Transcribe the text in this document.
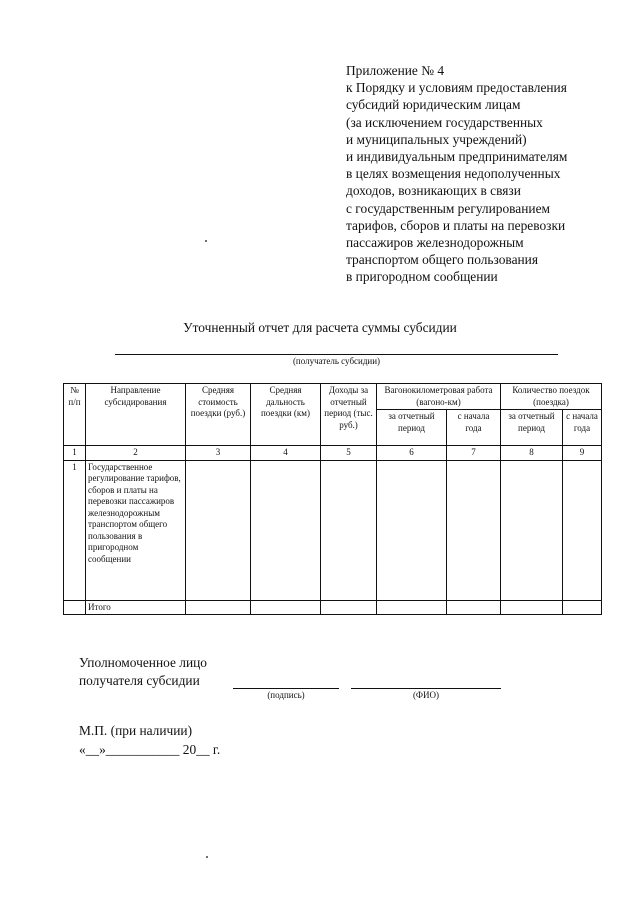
Приложение № 4
к Порядку и условиям предоставления
субсидий юридическим лицам
(за исключением государственных
и муниципальных учреждений)
и индивидуальным предпринимателям
в целях возмещения недополученных
доходов, возникающих в связи
с государственным регулированием
тарифов, сборов и платы на перевозки
пассажиров железнодорожным
транспортом общего пользования
в пригородном сообщении
Уточненный отчет для расчета суммы субсидии
(получатель субсидии)
№ п/п	Направление субсидирования	Средняя стоимость поездки (руб.)	Средняя дальность поездки (км)	Доходы за отчетный период (тыс. руб.)	Вагонокилометровая работа (вагоно-км)		Количество поездок (поездка)	
					за отчетный период	с начала года	за отчетный период	с начала года
1	2	3	4	5	6	7	8	9
1	Государственное регулирование тарифов, сборов и платы на перевозки пассажиров железнодорожным транспортом общего пользования в пригородном сообщении							
	Итого							
Уполномоченное лицо
получателя субсидии
(подпись)	(ФИО)
М.П. (при наличии)
«__»___________ 20__ г.
